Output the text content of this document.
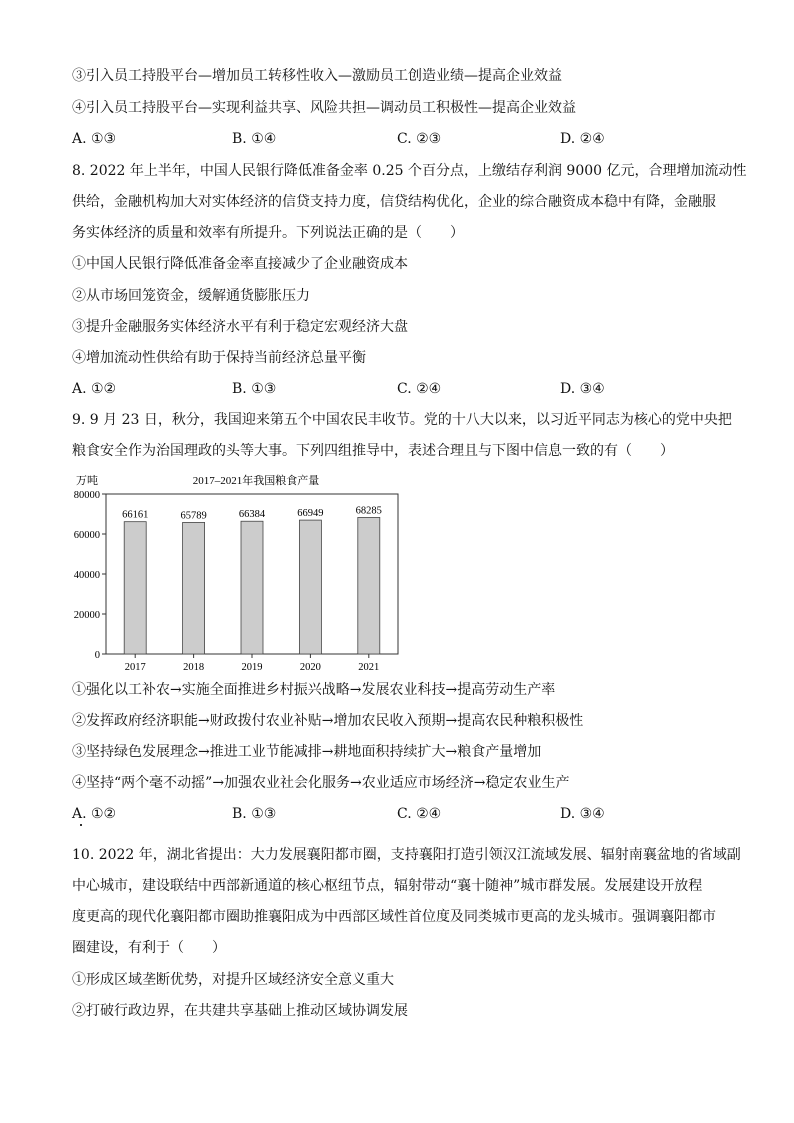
③引入员工持股平台—增加员工转移性收入—激励员工创造业绩—提高企业效益
④引入员工持股平台—实现利益共享、风险共担—调动员工积极性—提高企业效益
A. ①③	B. ①④	C. ②③	D. ②④
8. 2022 年上半年，中国人民银行降低准备金率 0.25 个百分点，上缴结存利润 9000 亿元，合理增加流动性
供给，金融机构加大对实体经济的信贷支持力度，信贷结构优化，企业的综合融资成本稳中有降，金融服
务实体经济的质量和效率有所提升。下列说法正确的是（　　）
①中国人民银行降低准备金率直接减少了企业融资成本
②从市场回笼资金，缓解通货膨胀压力
③提升金融服务实体经济水平有利于稳定宏观经济大盘
④增加流动性供给有助于保持当前经济总量平衡
A. ①②	B. ①③	C. ②④	D. ③④
9. 9 月 23 日，秋分，我国迎来第五个中国农民丰收节。党的十八大以来，以习近平同志为核心的党中央把
粮食安全作为治国理政的头等大事。下列四组推导中，表述合理且与下图中信息一致的有（　　）
万吨	2017–2021年我国粮食产量
0
20000
40000
60000
80000
66161
2017
65789
2018
66384
2019
66949
2020
68285
2021
①强化以工补农→实施全面推进乡村振兴战略→发展农业科技→提高劳动生产率
②发挥政府经济职能→财政拨付农业补贴→增加农民收入预期→提高农民种粮积极性
③坚持绿色发展理念→推进工业节能减排→耕地面积持续扩大→粮食产量增加
④坚持“两个毫不动摇”→加强农业社会化服务→农业适应市场经济→稳定农业生产
A. ①②	B. ①③	C. ②④	D. ③④
10. 2022 年，湖北省提出：大力发展襄阳都市圈，支持襄阳打造引领汉江流域发展、辐射南襄盆地的省域副
中心城市，建设联结中西部新通道的核心枢纽节点，辐射带动“襄十随神”城市群发展。发展建设开放程
度更高的现代化襄阳都市圈助推襄阳成为中西部区域性首位度及同类城市更高的龙头城市。强调襄阳都市
圈建设，有利于（　　）
①形成区域垄断优势，对提升区域经济安全意义重大
②打破行政边界，在共建共享基础上推动区域协调发展
